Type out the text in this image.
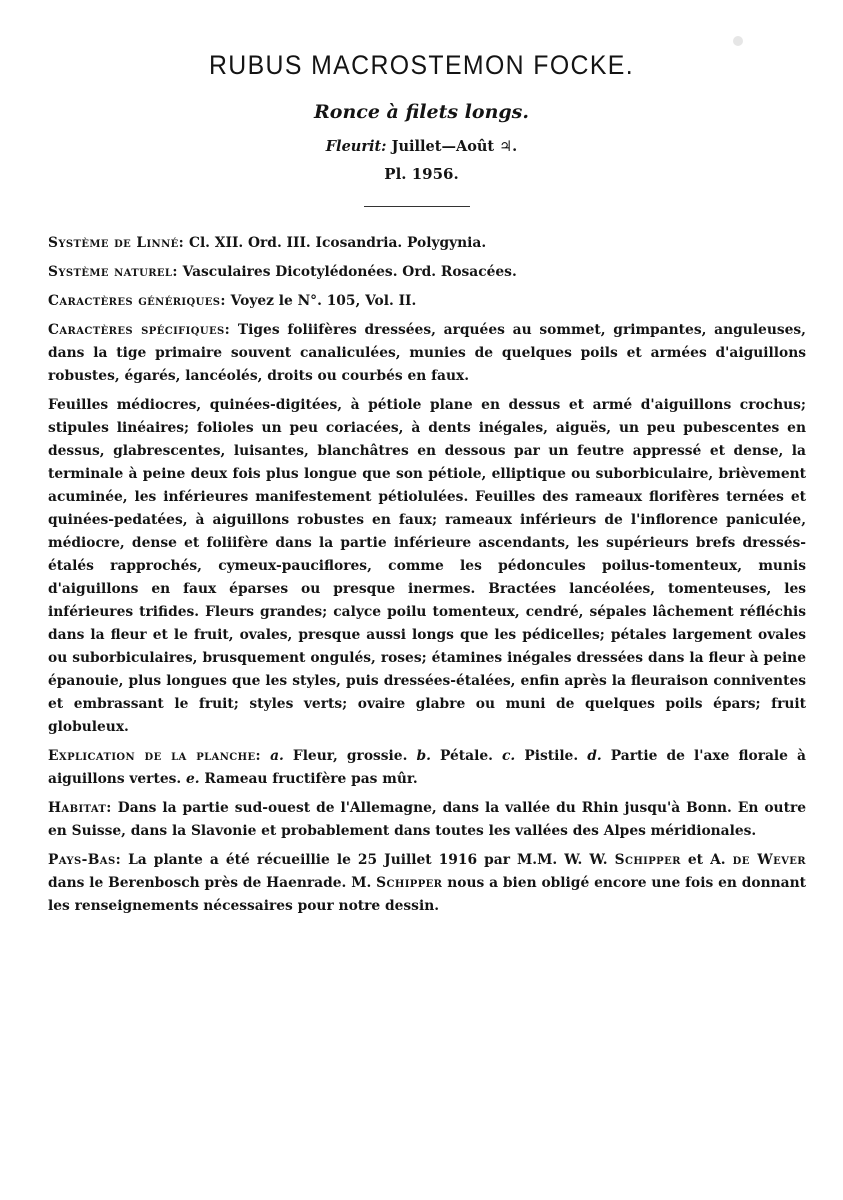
RUBUS MACROSTEMON FOCKE.
Ronce à filets longs.
Fleurit: Juillet—Août ♃.
Pl. 1956.

Système de Linné: Cl. XII. Ord. III. Icosandria. Polygynia.

Système naturel: Vasculaires Dicotylédonées. Ord. Rosacées.

Caractères génériques: Voyez le N°. 105, Vol. II.

Caractères spécifiques: Tiges foliifères dressées, arquées au sommet, grimpantes, anguleuses, dans la tige primaire souvent canaliculées, munies de quelques poils et armées d'aiguillons robustes, égarés, lancéolés, droits ou courbés en faux.

Feuilles médiocres, quinées-digitées, à pétiole plane en dessus et armé d'aiguillons crochus; stipules linéaires; folioles un peu coriacées, à dents inégales, aiguës, un peu pubescentes en dessus, glabrescentes, luisantes, blanchâtres en dessous par un feutre appressé et dense, la terminale à peine deux fois plus longue que son pétiole, elliptique ou suborbiculaire, brièvement acuminée, les inférieures manifestement pétiolulées. Feuilles des rameaux florifères ternées et quinées-pedatées, à aiguillons robustes en faux; rameaux inférieurs de l'inflorence paniculée, médiocre, dense et foliifère dans la partie inférieure ascendants, les supérieurs brefs dressés-étalés rapprochés, cymeux-pauciflores, comme les pédoncules poilus-tomenteux, munis d'aiguillons en faux éparses ou presque inermes. Bractées lancéolées, tomenteuses, les inférieures trifides. Fleurs grandes; calyce poilu tomenteux, cendré, sépales lâchement réfléchis dans la fleur et le fruit, ovales, presque aussi longs que les pédicelles; pétales largement ovales ou suborbiculaires, brusquement ongulés, roses; étamines inégales dressées dans la fleur à peine épanouie, plus longues que les styles, puis dressées-étalées, enfin après la fleuraison conniventes et embrassant le fruit; styles verts; ovaire glabre ou muni de quelques poils épars; fruit globuleux.

Explication de la planche: a. Fleur, grossie. b. Pétale. c. Pistile. d. Partie de l'axe florale à aiguillons vertes. e. Rameau fructifère pas mûr.

Habitat: Dans la partie sud-ouest de l'Allemagne, dans la vallée du Rhin jusqu'à Bonn. En outre en Suisse, dans la Slavonie et probablement dans toutes les vallées des Alpes méridionales.

Pays-Bas: La plante a été récueillie le 25 Juillet 1916 par M.M. W. W. Schipper et A. de Wever dans le Berenbosch près de Haenrade. M. Schipper nous a bien obligé encore une fois en donnant les renseignements nécessaires pour notre dessin.
